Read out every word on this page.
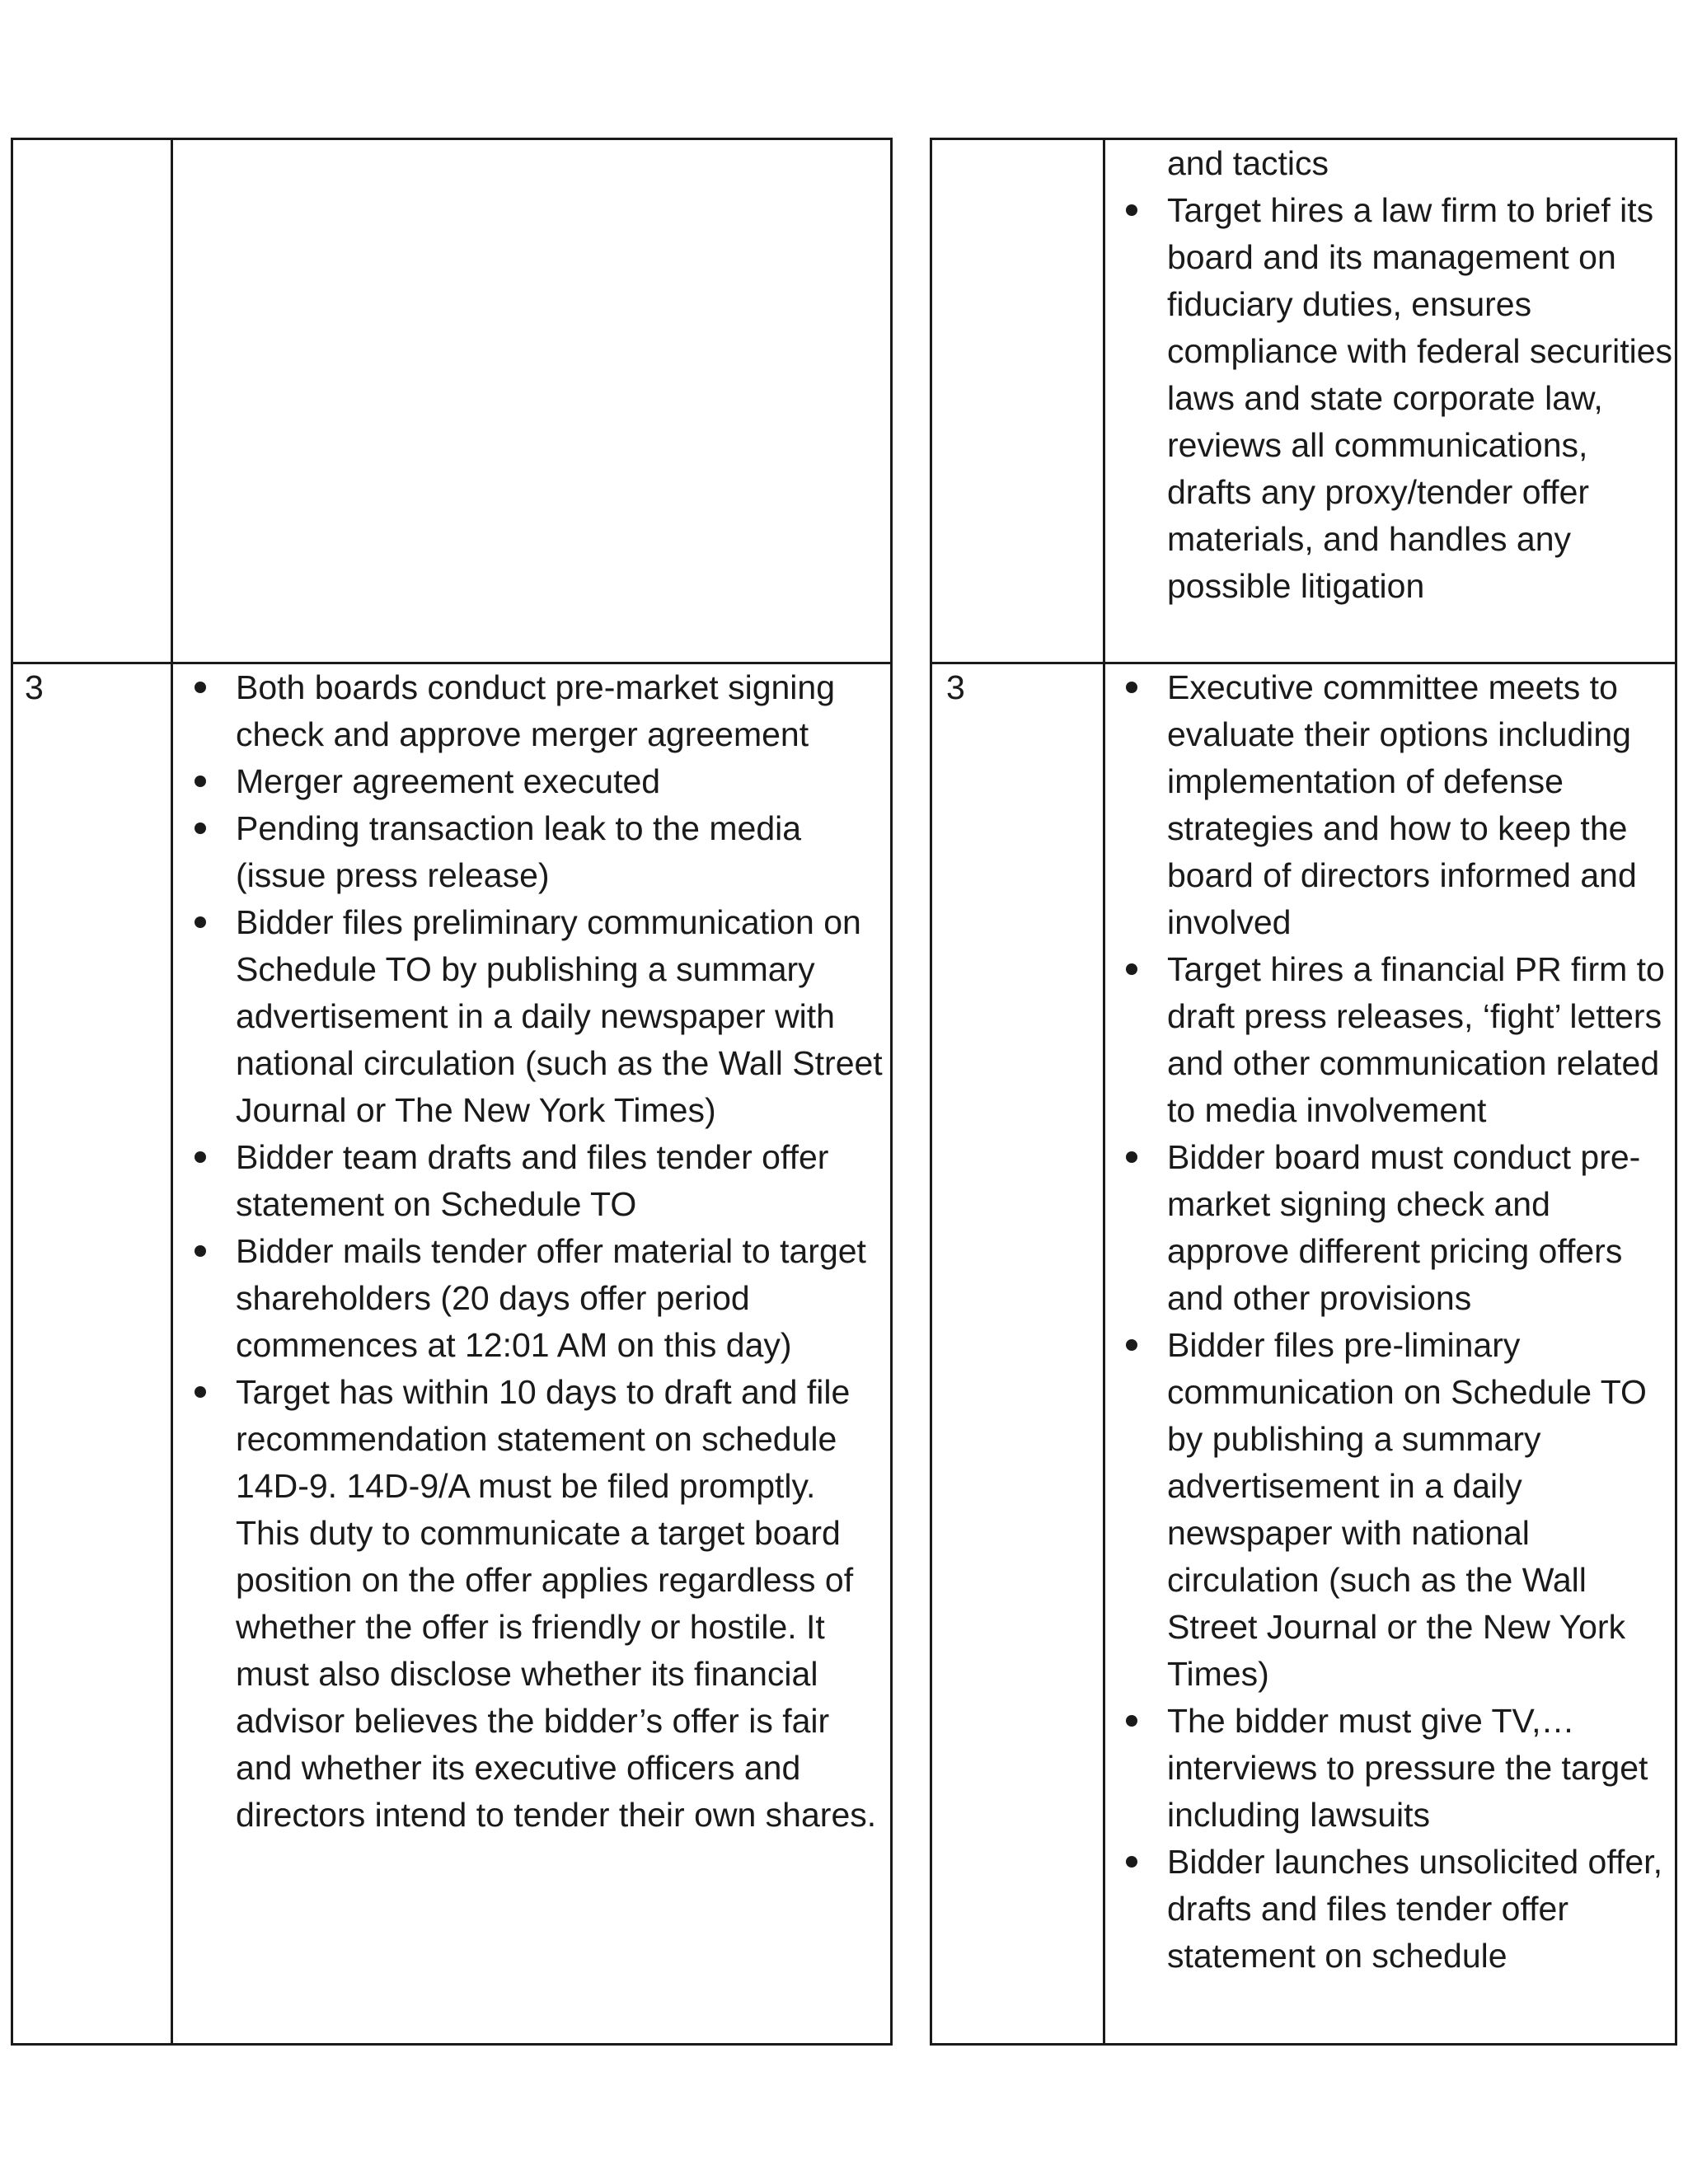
3	Both boards conduct pre-market signing check and approve merger agreement
Merger agreement executed
Pending transaction leak to the media (issue press release)
Bidder files preliminary communication on Schedule TO by publishing a summary advertisement in a daily newspaper with national circulation (such as the Wall Street Journal or The New York Times)
Bidder team drafts and files tender offer statement on Schedule TO
Bidder mails tender offer material to target shareholders (20 days offer period commences at 12:01 AM on this day)
Target has within 10 days to draft and file recommendation statement on schedule 14D-9. 14D-9/A must be filed promptly. This duty to communicate a target board position on the offer applies regardless of whether the offer is friendly or hostile. It must also disclose whether its financial advisor believes the bidder’s offer is fair and whether its executive officers and directors intend to tender their own shares.
and tactics
Target hires a law firm to brief its board and its management on fiduciary duties, ensures compliance with federal securities laws and state corporate law, reviews all communications, drafts any proxy/tender offer materials, and handles any possible litigation
3	Executive committee meets to evaluate their options including implementation of defense strategies and how to keep the board of directors informed and involved
Target hires a financial PR firm to draft press releases, ‘fight’ letters and other communication related to media involvement
Bidder board must conduct pre-market signing check and approve different pricing offers and other provisions
Bidder files pre-liminary communication on Schedule TO by publishing a summary advertisement in a daily newspaper with national circulation (such as the Wall Street Journal or the New York Times)
The bidder must give TV,… interviews to pressure the target including lawsuits
Bidder launches unsolicited offer, drafts and files tender offer statement on schedule
